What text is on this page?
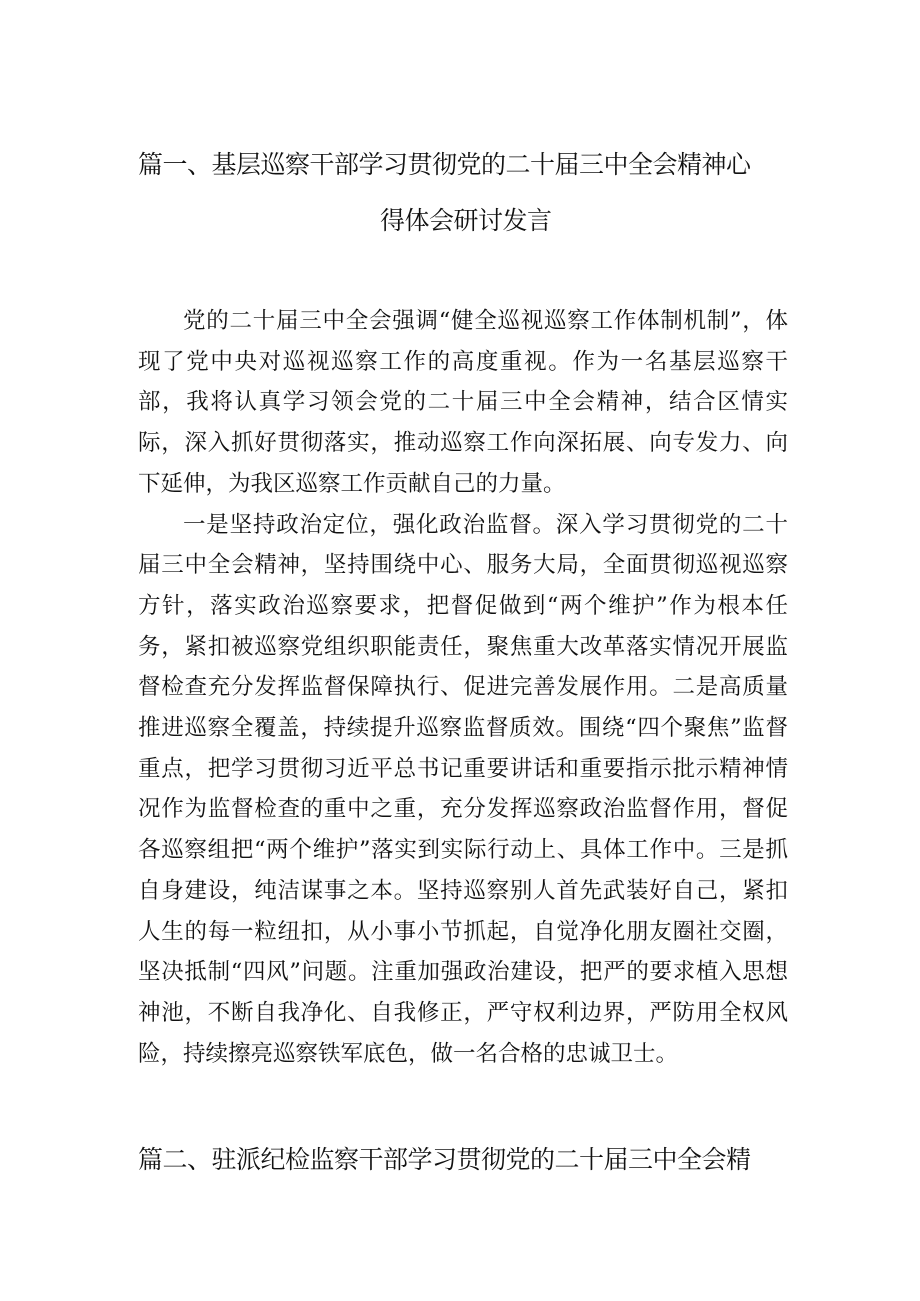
篇一、基层巡察干部学习贯彻党的二十届三中全会精神心
得体会研讨发言

党的二十届三中全会强调“健全巡视巡察工作体制机制”，体现了党中央对巡视巡察工作的高度重视。作为一名基层巡察干部，我将认真学习领会党的二十届三中全会精神，结合区情实际，深入抓好贯彻落实，推动巡察工作向深拓展、向专发力、向下延伸，为我区巡察工作贡献自己的力量。

一是坚持政治定位，强化政治监督。深入学习贯彻党的二十届三中全会精神，坚持围绕中心、服务大局，全面贯彻巡视巡察方针，落实政治巡察要求，把督促做到“两个维护”作为根本任务，紧扣被巡察党组织职能责任，聚焦重大改革落实情况开展监督检查充分发挥监督保障执行、促进完善发展作用。二是高质量推进巡察全覆盖，持续提升巡察监督质效。围绕“四个聚焦”监督重点，把学习贯彻习近平总书记重要讲话和重要指示批示精神情况作为监督检查的重中之重，充分发挥巡察政治监督作用，督促各巡察组把“两个维护”落实到实际行动上、具体工作中。三是抓自身建设，纯洁谋事之本。坚持巡察别人首先武装好自己，紧扣人生的每一粒纽扣，从小事小节抓起，自觉净化朋友圈社交圈，坚决抵制“四风”问题。注重加强政治建设，把严的要求植入思想神池，不断自我净化、自我修正，严守权利边界，严防用全权风险，持续擦亮巡察铁军底色，做一名合格的忠诚卫士。

篇二、驻派纪检监察干部学习贯彻党的二十届三中全会精
